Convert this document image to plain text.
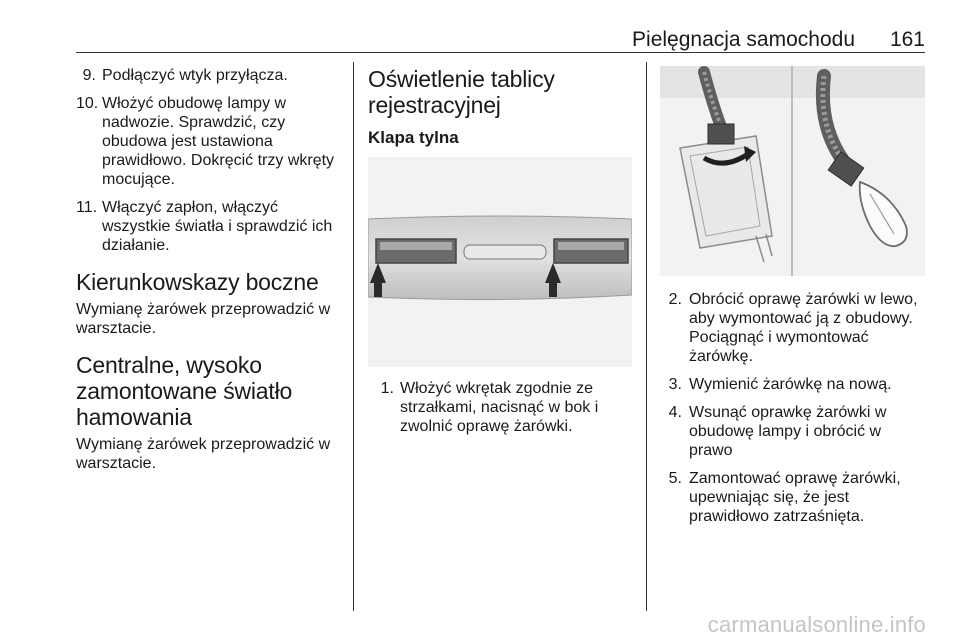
Pielęgnacja samochodu 161
9. Podłączyć wtyk przyłącza.
10. Włożyć obudowę lampy w nadwozie. Sprawdzić, czy obudowa jest ustawiona prawidłowo. Dokręcić trzy wkręty mocujące.
11. Włączyć zapłon, włączyć wszystkie światła i sprawdzić ich działanie.
Kierunkowskazy boczne

Wymianę żarówek przeprowadzić w warsztacie.

Centralne, wysoko zamontowane światło hamowania

Wymianę żarówek przeprowadzić w warsztacie.

Oświetlenie tablicy rejestracyjnej
Klapa tylna
1. Włożyć wkrętak zgodnie ze strzałkami, nacisnąć w bok i zwolnić oprawę żarówki.
2. Obrócić oprawę żarówki w lewo, aby wymontować ją z obudowy. Pociągnąć i wymontować żarówkę.
3. Wymienić żarówkę na nową.
4. Wsunąć oprawkę żarówki w obudowę lampy i obrócić w prawo
5. Zamontować oprawę żarówki, upewniając się, że jest prawidłowo zatrzaśnięta.
carmanualsonline.info
